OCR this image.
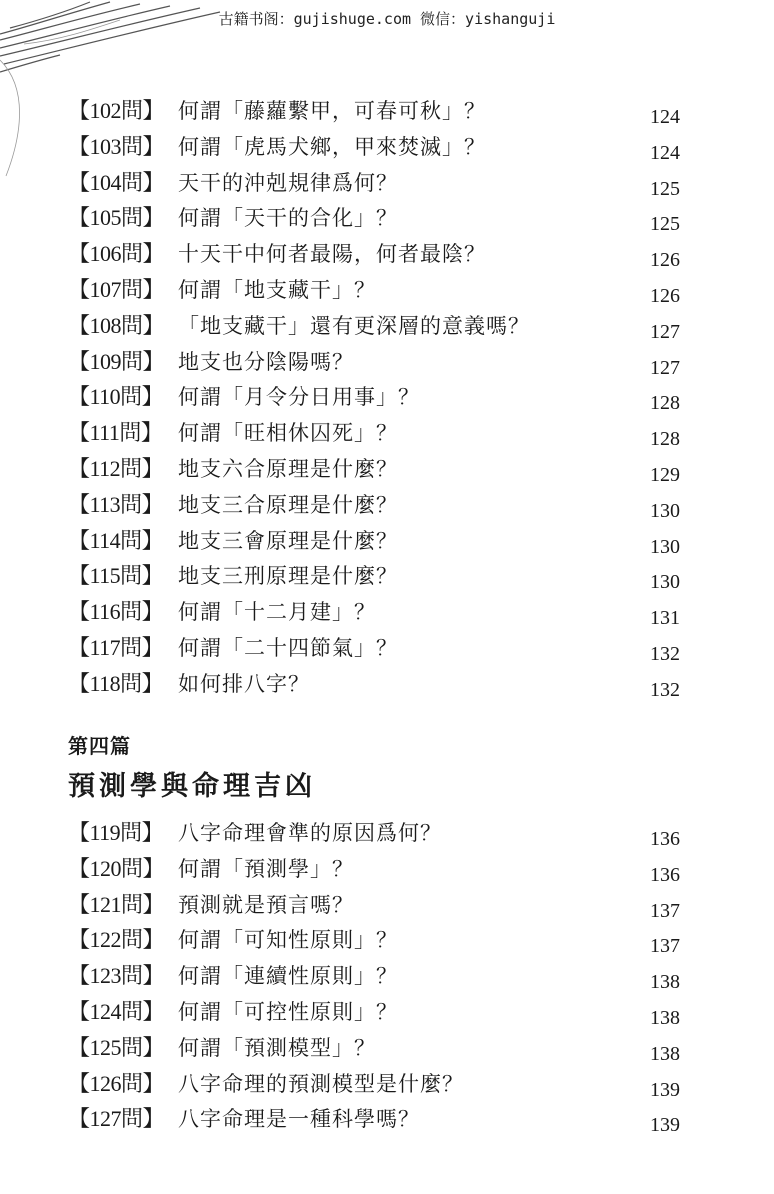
古籍书阁：gujishuge.com 微信：yishanguji
【102問】 何謂「藤蘿繫甲，可春可秋」？	124
【103問】 何謂「虎馬犬鄉，甲來焚滅」？	124
【104問】 天干的沖剋規律爲何？	125
【105問】 何謂「天干的合化」？	125
【106問】 十天干中何者最陽，何者最陰？	126
【107問】 何謂「地支藏干」？	126
【108問】 「地支藏干」還有更深層的意義嗎？	127
【109問】 地支也分陰陽嗎？	127
【110問】 何謂「月令分日用事」？	128
【111問】 何謂「旺相休囚死」？	128
【112問】 地支六合原理是什麼？	129
【113問】 地支三合原理是什麼？	130
【114問】 地支三會原理是什麼？	130
【115問】 地支三刑原理是什麼？	130
【116問】 何謂「十二月建」？	131
【117問】 何謂「二十四節氣」？	132
【118問】 如何排八字？	132
第四篇
預測學與命理吉凶
【119問】 八字命理會準的原因爲何？	136
【120問】 何謂「預測學」？	136
【121問】 預測就是預言嗎？	137
【122問】 何謂「可知性原則」？	137
【123問】 何謂「連續性原則」？	138
【124問】 何謂「可控性原則」？	138
【125問】 何謂「預測模型」？	138
【126問】 八字命理的預測模型是什麼？	139
【127問】 八字命理是一種科學嗎？	139
